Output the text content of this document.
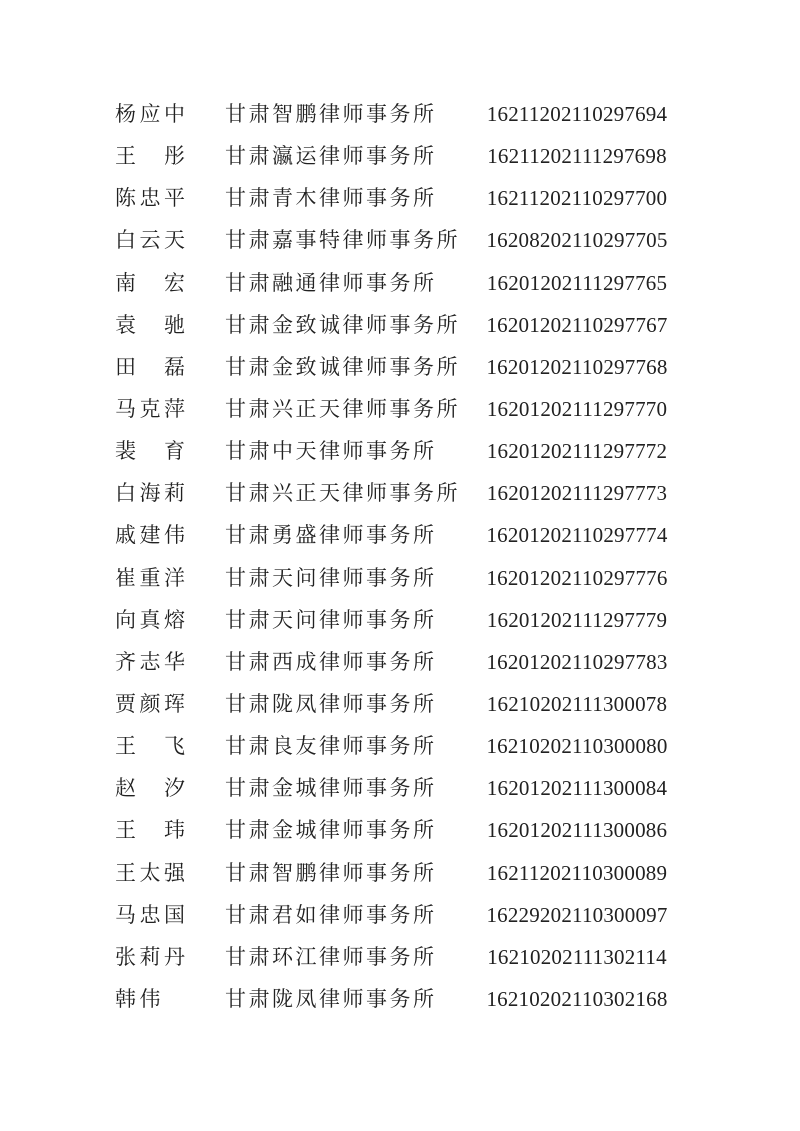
杨应中	甘肃智鹏律师事务所	16211202110297694
王　彤	甘肃瀛运律师事务所	16211202111297698
陈忠平	甘肃青木律师事务所	16211202110297700
白云天	甘肃嘉事特律师事务所	16208202110297705
南　宏	甘肃融通律师事务所	16201202111297765
袁　驰	甘肃金致诚律师事务所	16201202110297767
田　磊	甘肃金致诚律师事务所	16201202110297768
马克萍	甘肃兴正天律师事务所	16201202111297770
裴　育	甘肃中天律师事务所	16201202111297772
白海莉	甘肃兴正天律师事务所	16201202111297773
戚建伟	甘肃勇盛律师事务所	16201202110297774
崔重洋	甘肃天问律师事务所	16201202110297776
向真熔	甘肃天问律师事务所	16201202111297779
齐志华	甘肃西成律师事务所	16201202110297783
贾颜珲	甘肃陇凤律师事务所	16210202111300078
王　飞	甘肃良友律师事务所	16210202110300080
赵　汐	甘肃金城律师事务所	16201202111300084
王　玮	甘肃金城律师事务所	16201202111300086
王太强	甘肃智鹏律师事务所	16211202110300089
马忠国	甘肃君如律师事务所	16229202110300097
张莉丹	甘肃环江律师事务所	16210202111302114
韩伟	甘肃陇凤律师事务所	16210202110302168
